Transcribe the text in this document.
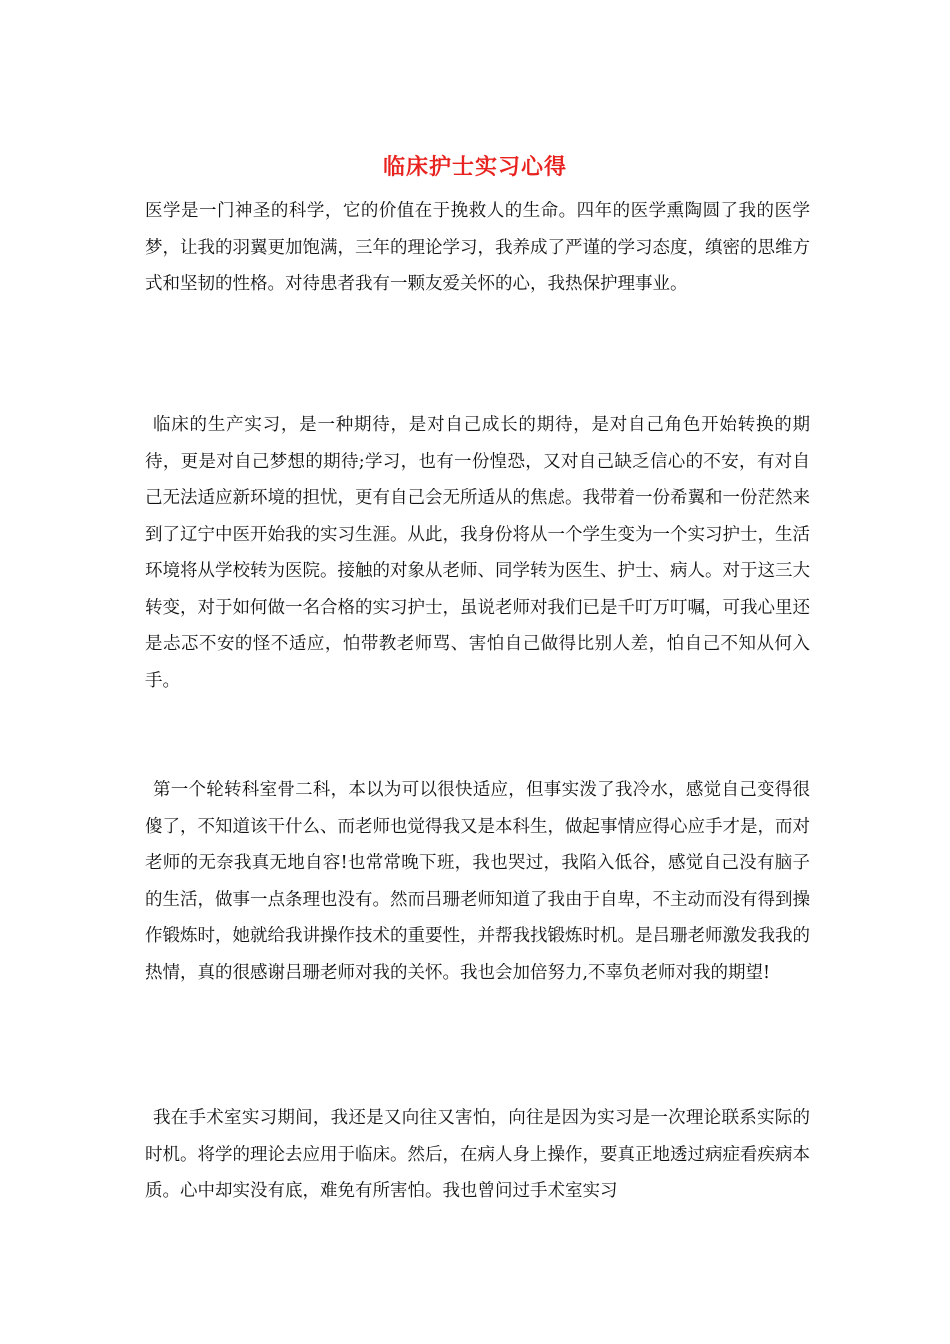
临床护士实习心得

医学是一门神圣的科学，它的价值在于挽救人的生命。四年的医学熏陶圆了我的医学梦，让我的羽翼更加饱满，三年的理论学习，我养成了严谨的学习态度，缜密的思维方式和坚韧的性格。对待患者我有一颗友爱关怀的心，我热保护理事业。

临床的生产实习，是一种期待，是对自己成长的期待，是对自己角色开始转换的期待，更是对自己梦想的期待;学习，也有一份惶恐，又对自己缺乏信心的不安，有对自己无法适应新环境的担忧，更有自己会无所适从的焦虑。我带着一份希翼和一份茫然来到了辽宁中医开始我的实习生涯。从此，我身份将从一个学生变为一个实习护士，生活环境将从学校转为医院。接触的对象从老师、同学转为医生、护士、病人。对于这三大转变，对于如何做一名合格的实习护士，虽说老师对我们已是千叮万叮嘱，可我心里还是忐忑不安的怪不适应，怕带教老师骂、害怕自己做得比别人差，怕自己不知从何入手。

第一个轮转科室骨二科，本以为可以很快适应，但事实泼了我冷水，感觉自己变得很傻了，不知道该干什么、而老师也觉得我又是本科生，做起事情应得心应手才是，而对老师的无奈我真无地自容!也常常晚下班，我也哭过，我陷入低谷，感觉自己没有脑子的生活，做事一点条理也没有。然而吕珊老师知道了我由于自卑，不主动而没有得到操作锻炼时，她就给我讲操作技术的重要性，并帮我找锻炼时机。是吕珊老师激发我我的热情，真的很感谢吕珊老师对我的关怀。我也会加倍努力,不辜负老师对我的期望!

我在手术室实习期间，我还是又向往又害怕，向往是因为实习是一次理论联系实际的时机。将学的理论去应用于临床。然后，在病人身上操作，要真正地透过病症看疾病本质。心中却实没有底，难免有所害怕。我也曾问过手术室实习
